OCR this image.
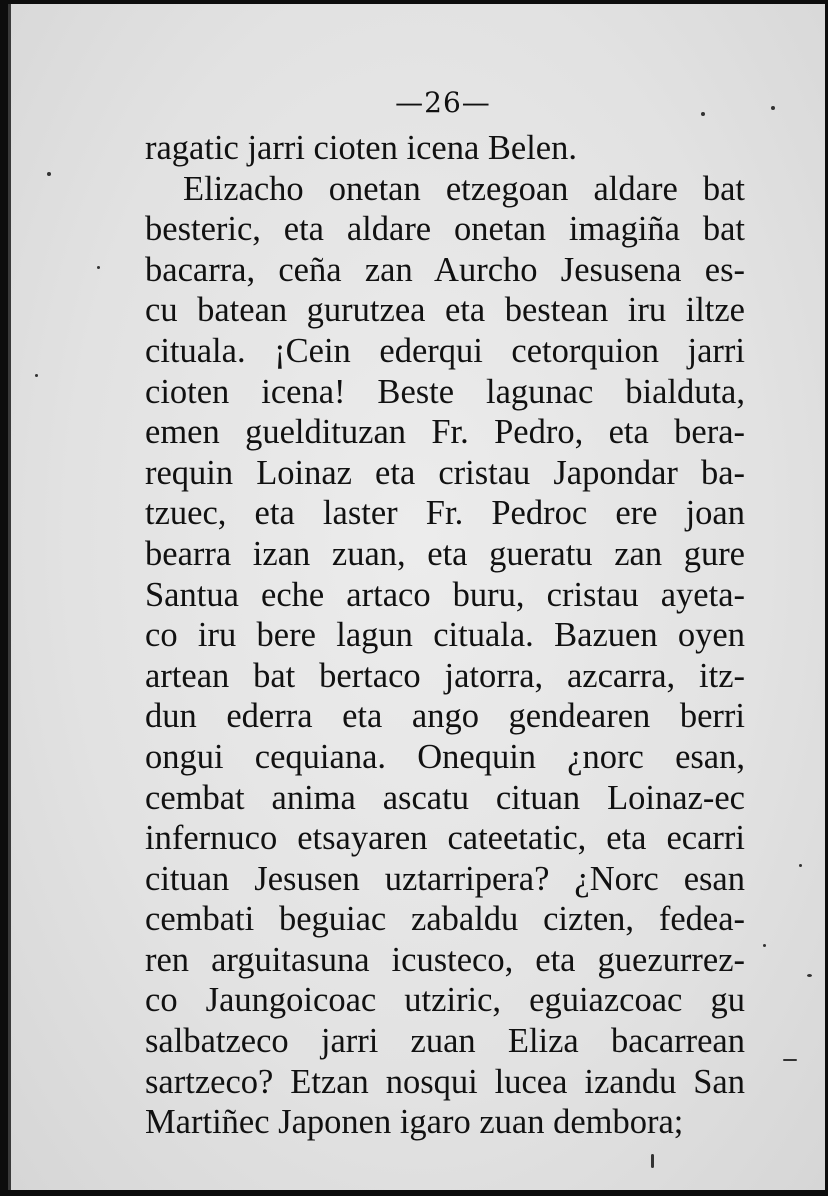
—26—
ragatic jarri cioten icena Belen.
Elizacho onetan etzegoan aldare bat
besteric, eta aldare onetan imagiña bat
bacarra, ceña zan Aurcho Jesusena es-
cu batean gurutzea eta bestean iru iltze
cituala. ¡Cein ederqui cetorquion jarri
cioten icena! Beste lagunac bialduta,
emen gueldituzan Fr. Pedro, eta bera-
requin Loinaz eta cristau Japondar ba-
tzuec, eta laster Fr. Pedroc ere joan
bearra izan zuan, eta gueratu zan gure
Santua eche artaco buru, cristau ayeta-
co iru bere lagun cituala. Bazuen oyen
artean bat bertaco jatorra, azcarra, itz-
dun ederra eta ango gendearen berri
ongui cequiana. Onequin ¿norc esan,
cembat anima ascatu cituan Loinaz-ec
infernuco etsayaren cateetatic, eta ecarri
cituan Jesusen uztarripera? ¿Norc esan
cembati beguiac zabaldu cizten, fedea-
ren arguitasuna icusteco, eta guezurrez-
co Jaungoicoac utziric, eguiazcoac gu
salbatzeco jarri zuan Eliza bacarrean
sartzeco? Etzan nosqui lucea izandu San
Martiñec Japonen igaro zuan dembora;
